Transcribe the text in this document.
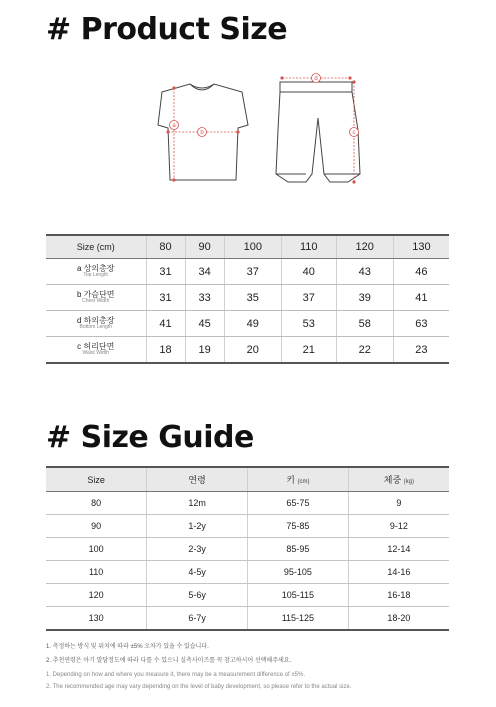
# Product Size
a
b
d
c
Size (cm)	80	90	100	110	120	130

a 상의총장
Top Length	31	34	37	40	43	46

b 가슴단면
Chest Width	31	33	35	37	39	41

d 하의총장
Bottom Length	41	45	49	53	58	63

c 허리단면
Waist Width	18	19	20	21	22	23
# Size Guide
Size	연령	키 (cm)	체중 (kg)
80	12m	65-75	9
90	1-2y	75-85	9-12
100	2-3y	85-95	12-14
110	4-5y	95-105	14-16
120	5-6y	105-115	16-18
130	6-7y	115-125	18-20
1. 측정하는 방식 및 위치에 따라 ±5% 오차가 있을 수 있습니다.
2. 추천연령은 아기 발달정도에 따라 다를 수 있으니 실측사이즈를 꼭 참고하시어 선택해주세요.
1. Depending on how and where you measure it, there may be a measurement difference of ±5%.
2. The recommended age may vary depending on the level of baby development, so please refer to the actual size.
